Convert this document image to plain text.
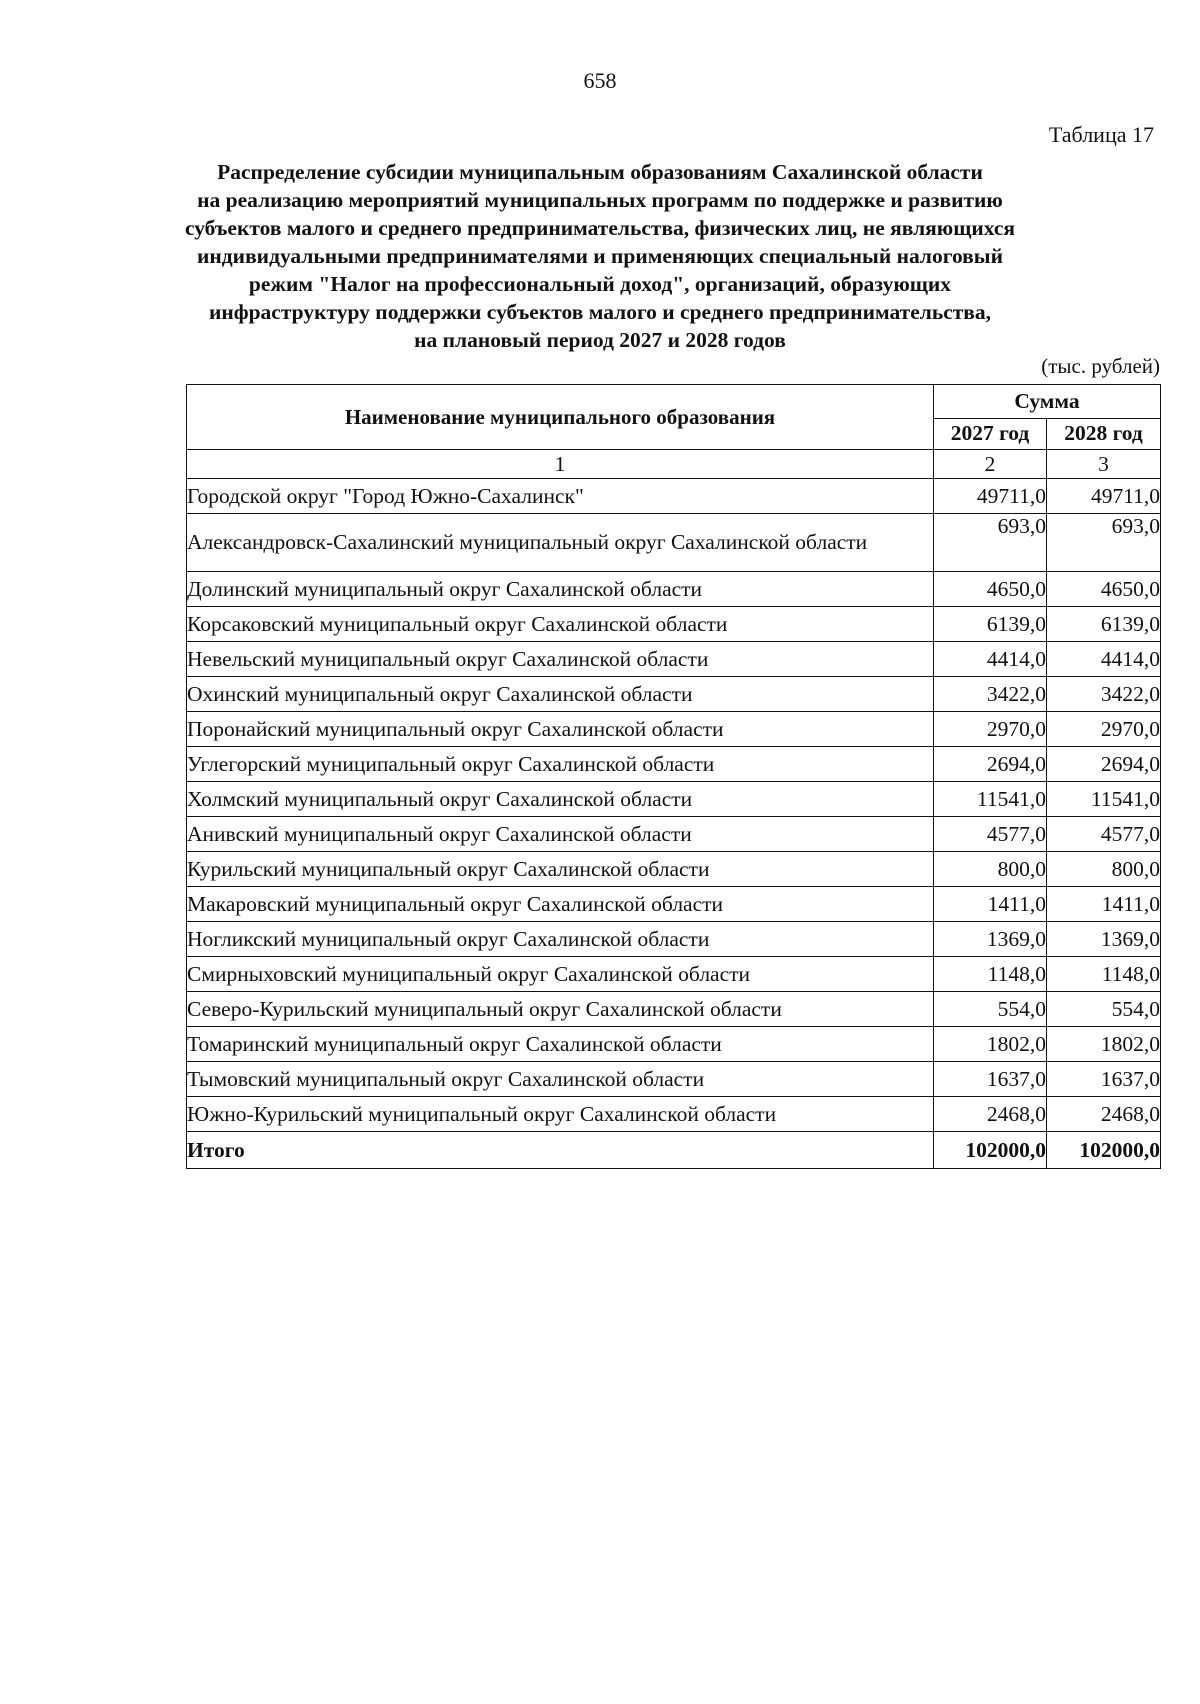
658
Таблица 17
Распределение субсидии муниципальным образованиям Сахалинской области
на реализацию мероприятий муниципальных программ по поддержке и развитию
субъектов малого и среднего предпринимательства, физических лиц, не являющихся
индивидуальными предпринимателями и применяющих специальный налоговый
режим "Налог на профессиональный доход", организаций, образующих
инфраструктуру поддержки субъектов малого и среднего предпринимательства,
на плановый период 2027 и 2028 годов
(тыс. рублей)
Наименование муниципального образования	Сумма	
	2027 год	2028 год
1	2	3
Городской округ "Город Южно-Сахалинск"	49711,0	49711,0
Александровск-Сахалинский муниципальный округ Сахалинской области	693,0	693,0
Долинский муниципальный округ Сахалинской области	4650,0	4650,0
Корсаковский муниципальный округ Сахалинской области	6139,0	6139,0
Невельский муниципальный округ Сахалинской области	4414,0	4414,0
Охинский муниципальный округ Сахалинской области	3422,0	3422,0
Поронайский муниципальный округ Сахалинской области	2970,0	2970,0
Углегорский муниципальный округ Сахалинской области	2694,0	2694,0
Холмский муниципальный округ Сахалинской области	11541,0	11541,0
Анивский муниципальный округ Сахалинской области	4577,0	4577,0
Курильский муниципальный округ Сахалинской области	800,0	800,0
Макаровский муниципальный округ Сахалинской области	1411,0	1411,0
Ногликский муниципальный округ Сахалинской области	1369,0	1369,0
Смирныховский муниципальный округ Сахалинской области	1148,0	1148,0
Северо-Курильский муниципальный округ Сахалинской области	554,0	554,0
Томаринский муниципальный округ Сахалинской области	1802,0	1802,0
Тымовский муниципальный округ Сахалинской области	1637,0	1637,0
Южно-Курильский муниципальный округ Сахалинской области	2468,0	2468,0
Итого	102000,0	102000,0
